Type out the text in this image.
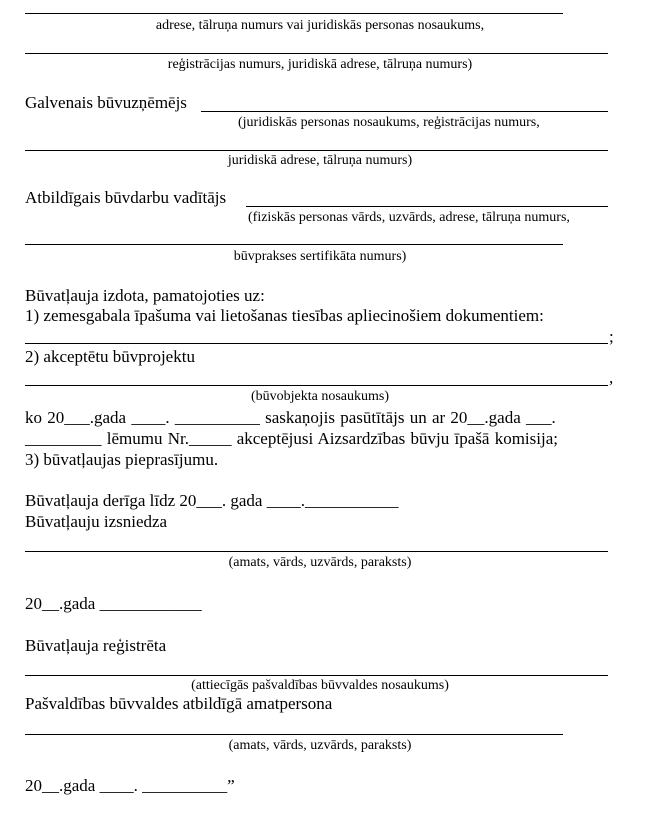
adrese, tālruņa numurs vai juridiskās personas nosaukums,
reģistrācijas numurs, juridiskā adrese, tālruņa numurs)
Galvenais būvuzņēmējs
(juridiskās personas nosaukums, reģistrācijas numurs,
juridiskā adrese, tālruņa numurs)
Atbildīgais būvdarbu vadītājs
(fiziskās personas vārds, uzvārds, adrese, tālruņa numurs,
būvprakses sertifikāta numurs)
Būvatļauja izdota, pamatojoties uz:
1) zemesgabala īpašuma vai lietošanas tiesības apliecinošiem dokumentiem:
;
2) akceptētu būvprojektu
,
(būvobjekta nosaukums)
ko 20___.gada ____. __________ saskaņojis pasūtītājs un ar 20__.gada ___.
_________ lēmumu Nr._____ akceptējusi Aizsardzības būvju īpašā komisija;
3) būvatļaujas pieprasījumu.
Būvatļauja derīga līdz 20___. gada ____.___________
Būvatļauju izsniedza
(amats, vārds, uzvārds, paraksts)
20__.gada ____________
Būvatļauja reģistrēta
(attiecīgās pašvaldības būvvaldes nosaukums)
Pašvaldības būvvaldes atbildīgā amatpersona
(amats, vārds, uzvārds, paraksts)
20__.gada ____. __________”
